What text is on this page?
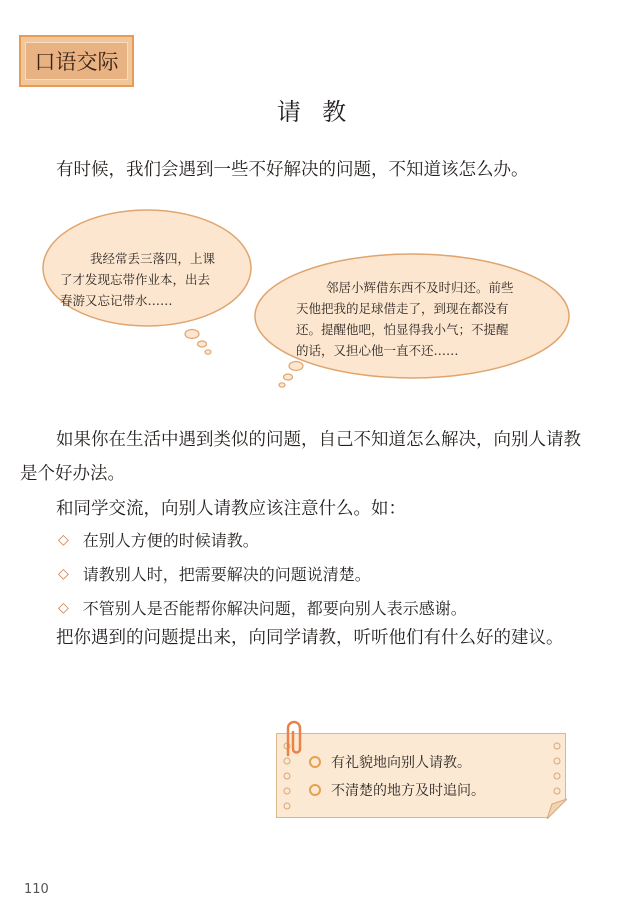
口语交际
请  教

有时候，我们会遇到一些不好解决的问题，不知道该怎么办。

我经常丢三落四，上课
了才发现忘带作业本，出去
春游又忘记带水……
邻居小辉借东西不及时归还。前些
天他把我的足球借走了，到现在都没有
还。提醒他吧，怕显得我小气；不提醒
的话，又担心他一直不还……

如果你在生活中遇到类似的问题，自己不知道怎么解决，向别人请教是个好办法。

和同学交流，向别人请教应该注意什么。如：

◇ 在别人方便的时候请教。
◇ 请教别人时，把需要解决的问题说清楚。
◇ 不管别人是否能帮你解决问题，都要向别人表示感谢。

把你遇到的问题提出来，向同学请教，听听他们有什么好的建议。

有礼貌地向别人请教。
不清楚的地方及时追问。
110
